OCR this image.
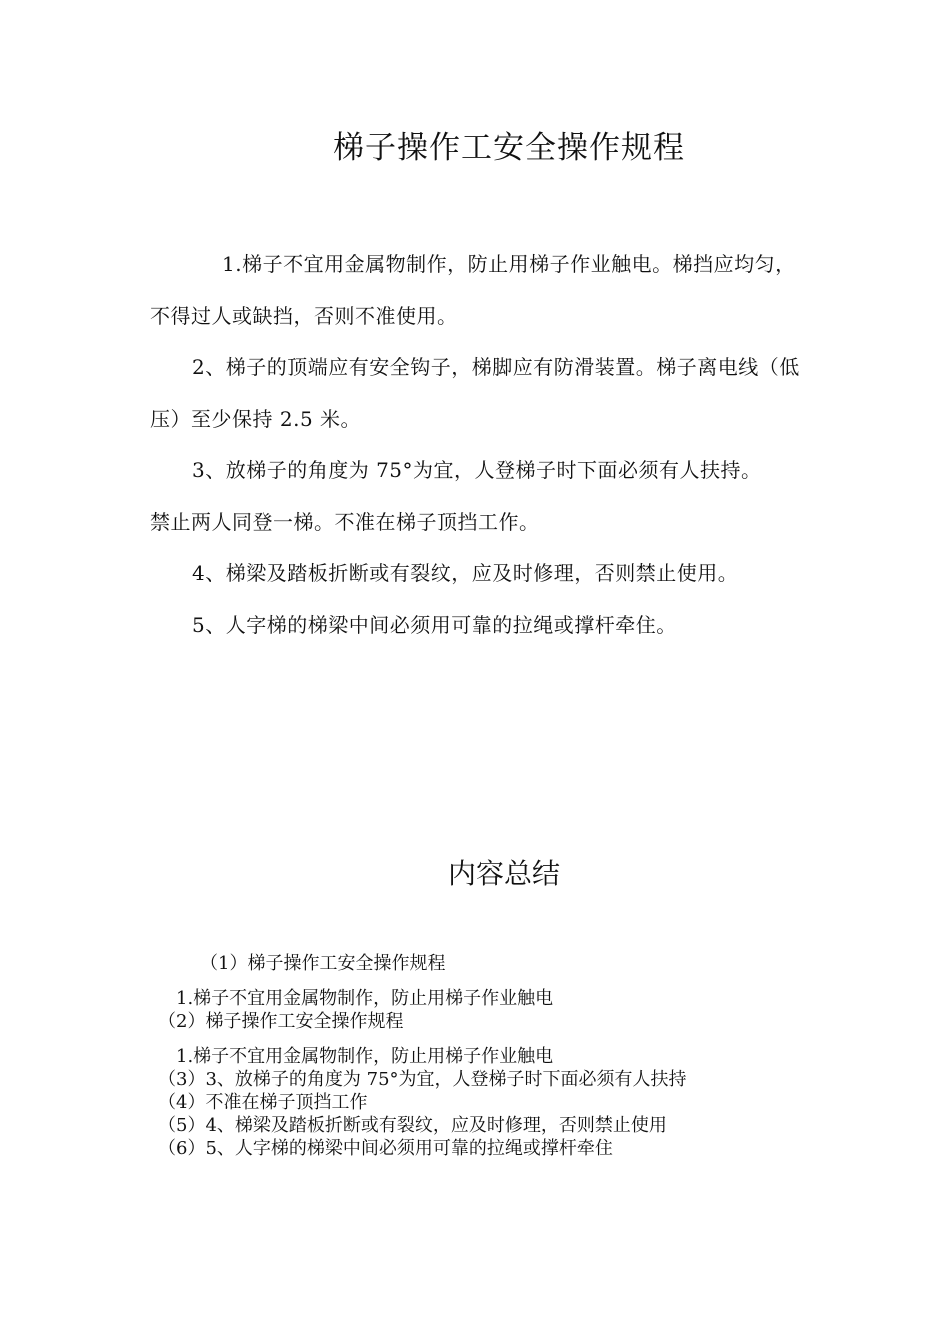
梯子操作工安全操作规程

1.梯子不宜用金属物制作，防止用梯子作业触电。梯挡应均匀，不得过人或缺挡，否则不准使用。

2、梯子的顶端应有安全钩子，梯脚应有防滑装置。梯子离电线（低压）至少保持 2.5 米。

3、放梯子的角度为 75°为宜，人登梯子时下面必须有人扶持。禁止两人同登一梯。不准在梯子顶挡工作。

4、梯梁及踏板折断或有裂纹，应及时修理，否则禁止使用。

5、人字梯的梯梁中间必须用可靠的拉绳或撑杆牵住。

内容总结
（1）梯子操作工安全操作规程
1.梯子不宜用金属物制作，防止用梯子作业触电
（2）梯子操作工安全操作规程
1.梯子不宜用金属物制作，防止用梯子作业触电
（3）3、放梯子的角度为 75°为宜，人登梯子时下面必须有人扶持
（4）不准在梯子顶挡工作
（5）4、梯梁及踏板折断或有裂纹，应及时修理，否则禁止使用
（6）5、人字梯的梯梁中间必须用可靠的拉绳或撑杆牵住
